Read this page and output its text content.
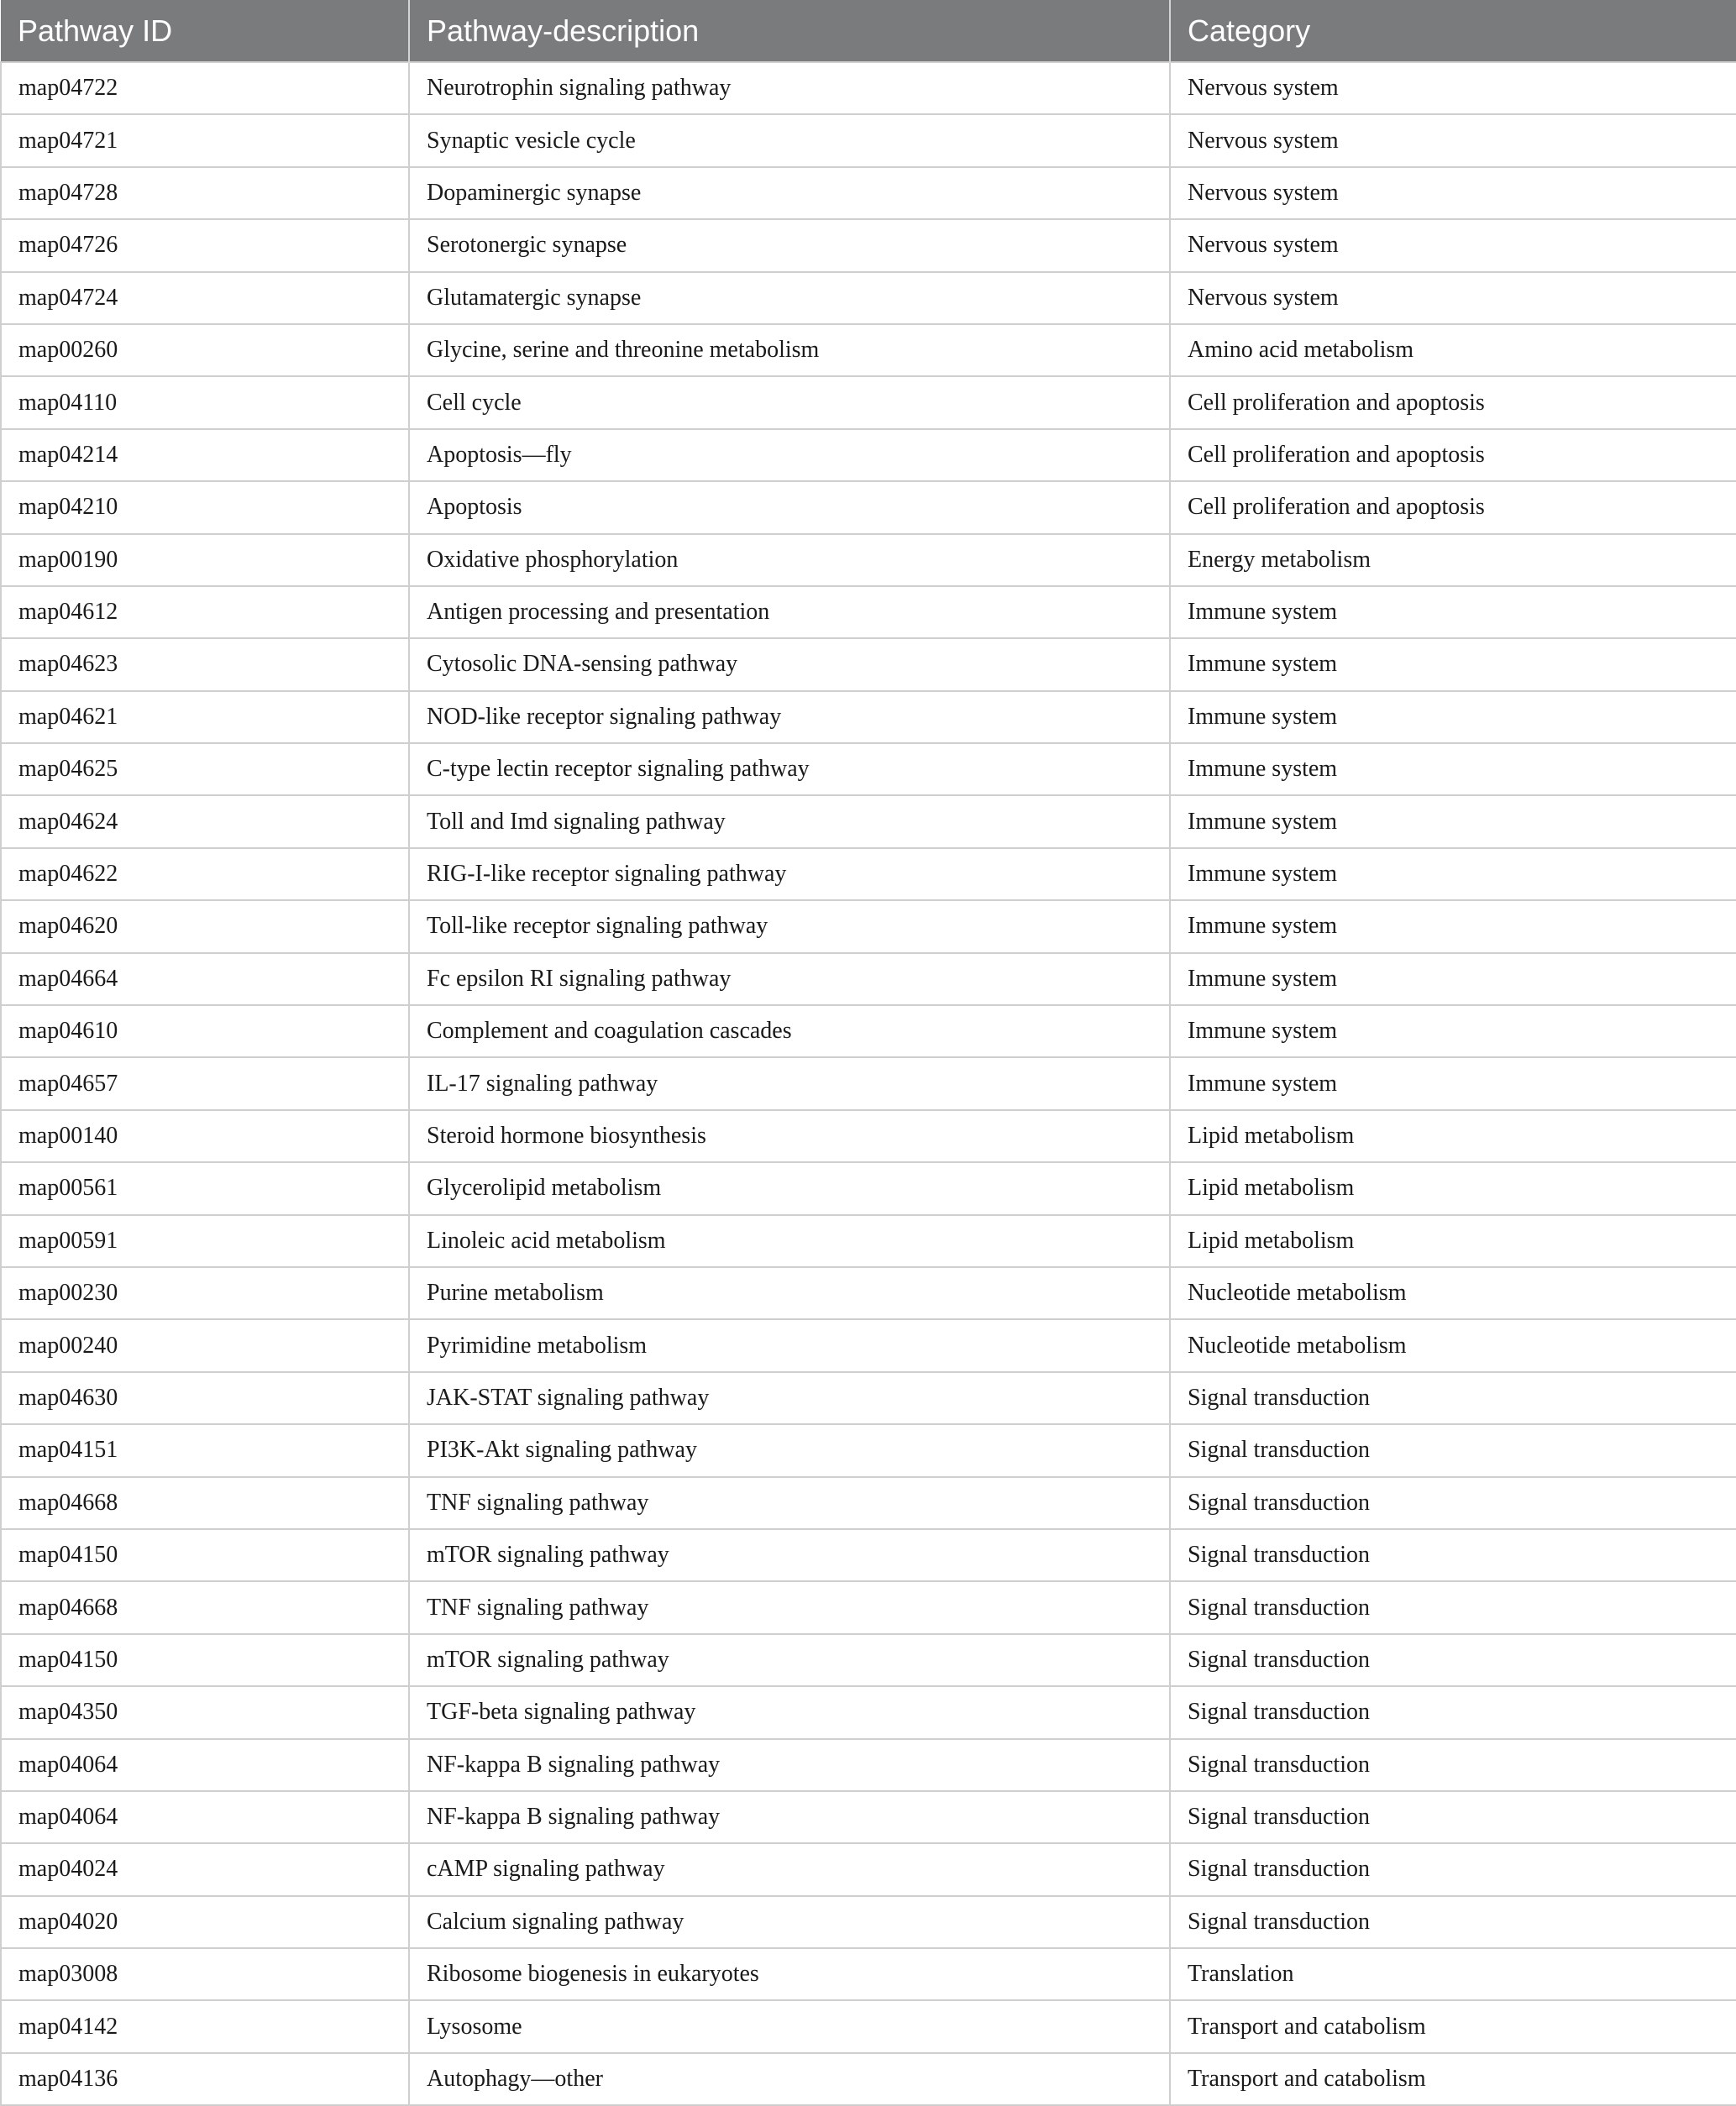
Pathway ID	Pathway-description	Category
map04722	Neurotrophin signaling pathway	Nervous system
map04721	Synaptic vesicle cycle	Nervous system
map04728	Dopaminergic synapse	Nervous system
map04726	Serotonergic synapse	Nervous system
map04724	Glutamatergic synapse	Nervous system
map00260	Glycine, serine and threonine metabolism	Amino acid metabolism
map04110	Cell cycle	Cell proliferation and apoptosis
map04214	Apoptosis—fly	Cell proliferation and apoptosis
map04210	Apoptosis	Cell proliferation and apoptosis
map00190	Oxidative phosphorylation	Energy metabolism
map04612	Antigen processing and presentation	Immune system
map04623	Cytosolic DNA-sensing pathway	Immune system
map04621	NOD-like receptor signaling pathway	Immune system
map04625	C-type lectin receptor signaling pathway	Immune system
map04624	Toll and Imd signaling pathway	Immune system
map04622	RIG-I-like receptor signaling pathway	Immune system
map04620	Toll-like receptor signaling pathway	Immune system
map04664	Fc epsilon RI signaling pathway	Immune system
map04610	Complement and coagulation cascades	Immune system
map04657	IL-17 signaling pathway	Immune system
map00140	Steroid hormone biosynthesis	Lipid metabolism
map00561	Glycerolipid metabolism	Lipid metabolism
map00591	Linoleic acid metabolism	Lipid metabolism
map00230	Purine metabolism	Nucleotide metabolism
map00240	Pyrimidine metabolism	Nucleotide metabolism
map04630	JAK-STAT signaling pathway	Signal transduction
map04151	PI3K-Akt signaling pathway	Signal transduction
map04668	TNF signaling pathway	Signal transduction
map04150	mTOR signaling pathway	Signal transduction
map04668	TNF signaling pathway	Signal transduction
map04150	mTOR signaling pathway	Signal transduction
map04350	TGF-beta signaling pathway	Signal transduction
map04064	NF-kappa B signaling pathway	Signal transduction
map04064	NF-kappa B signaling pathway	Signal transduction
map04024	cAMP signaling pathway	Signal transduction
map04020	Calcium signaling pathway	Signal transduction
map03008	Ribosome biogenesis in eukaryotes	Translation
map04142	Lysosome	Transport and catabolism
map04136	Autophagy—other	Transport and catabolism
